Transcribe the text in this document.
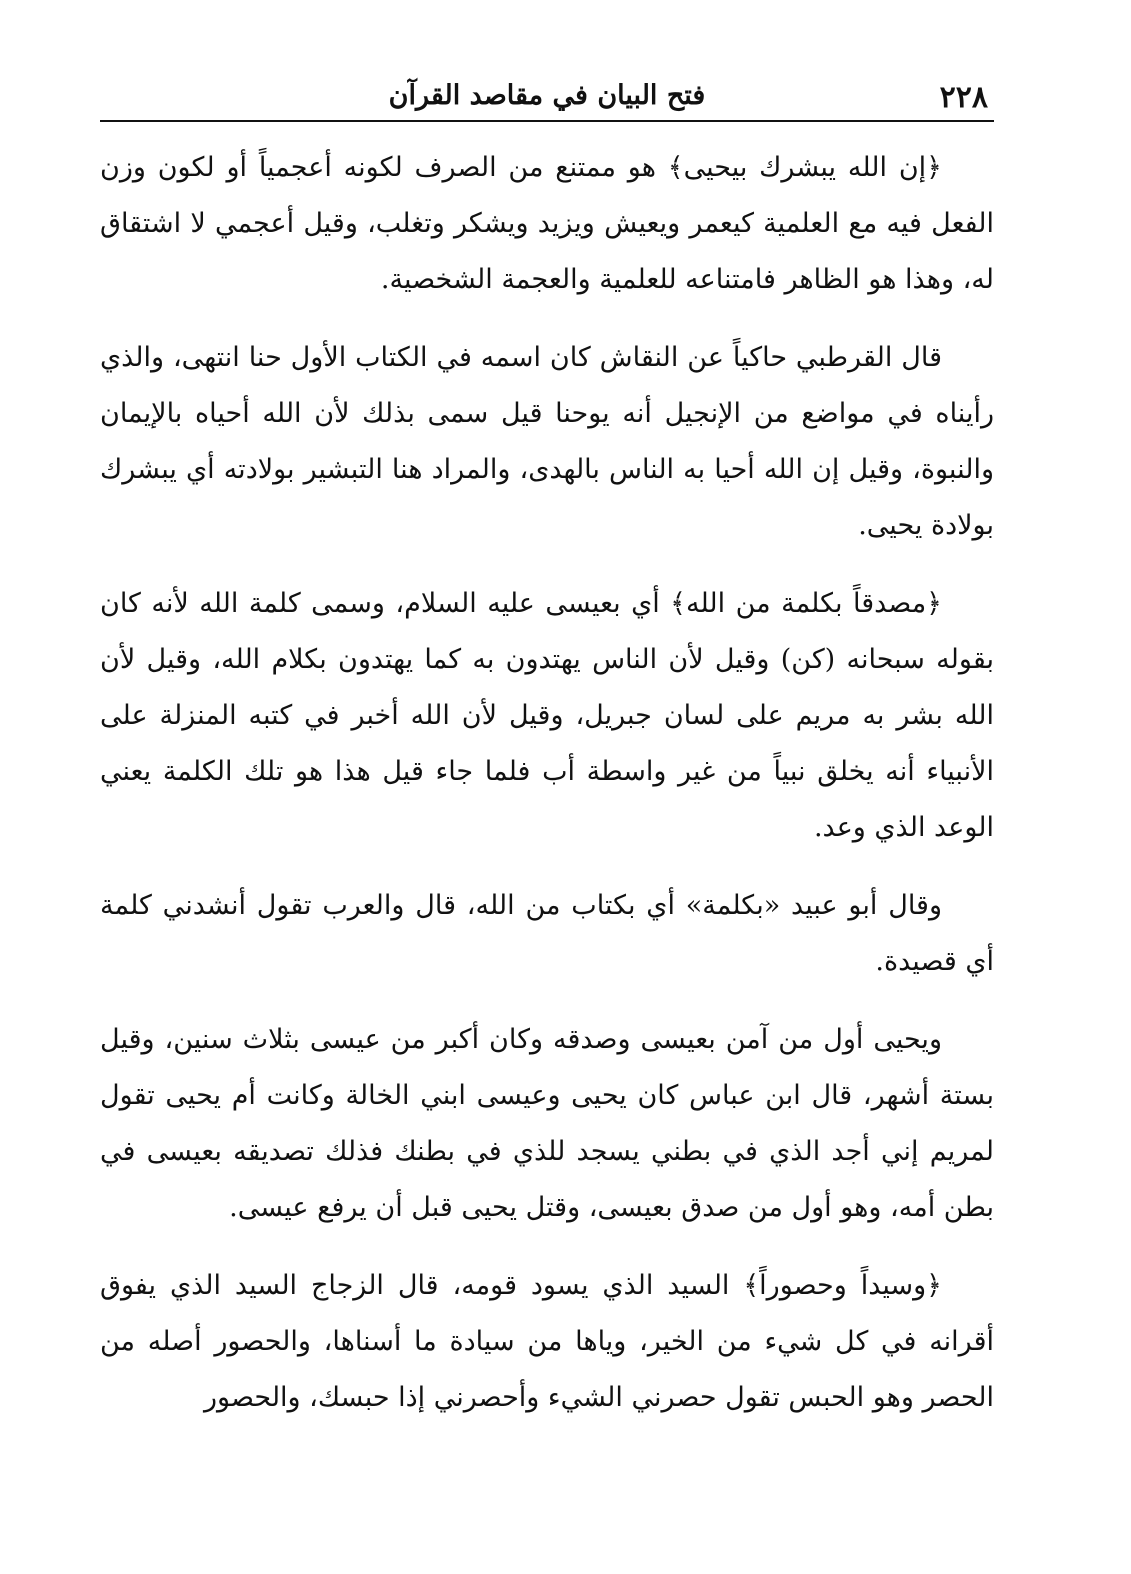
٢٢٨
فتح البيان في مقاصد القرآن

﴿إن الله يبشرك بيحيى﴾ هو ممتنع من الصرف لكونه أعجمياً أو لكون وزن الفعل فيه مع العلمية كيعمر ويعيش ويزيد ويشكر وتغلب، وقيل أعجمي لا اشتقاق له، وهذا هو الظاهر فامتناعه للعلمية والعجمة الشخصية.

قال القرطبي حاكياً عن النقاش كان اسمه في الكتاب الأول حنا انتهى، والذي رأيناه في مواضع من الإنجيل أنه يوحنا قيل سمى بذلك لأن الله أحياه بالإيمان والنبوة، وقيل إن الله أحيا به الناس بالهدى، والمراد هنا التبشير بولادته أي يبشرك بولادة يحيى.

﴿مصدقاً بكلمة من الله﴾ أي بعيسى عليه السلام، وسمى كلمة الله لأنه كان بقوله سبحانه (كن) وقيل لأن الناس يهتدون به كما يهتدون بكلام الله، وقيل لأن الله بشر به مريم على لسان جبريل، وقيل لأن الله أخبر في كتبه المنزلة على الأنبياء أنه يخلق نبياً من غير واسطة أب فلما جاء قيل هذا هو تلك الكلمة يعني الوعد الذي وعد.

وقال أبو عبيد «بكلمة» أي بكتاب من الله، قال والعرب تقول أنشدني كلمة أي قصيدة.

ويحيى أول من آمن بعيسى وصدقه وكان أكبر من عيسى بثلاث سنين، وقيل بستة أشهر، قال ابن عباس كان يحيى وعيسى ابني الخالة وكانت أم يحيى تقول لمريم إني أجد الذي في بطني يسجد للذي في بطنك فذلك تصديقه بعيسى في بطن أمه، وهو أول من صدق بعيسى، وقتل يحيى قبل أن يرفع عيسى.

﴿وسيداً وحصوراً﴾ السيد الذي يسود قومه، قال الزجاج السيد الذي يفوق أقرانه في كل شيء من الخير، وياها من سيادة ما أسناها، والحصور أصله من الحصر وهو الحبس تقول حصرني الشيء وأحصرني إذا حبسك، والحصور
